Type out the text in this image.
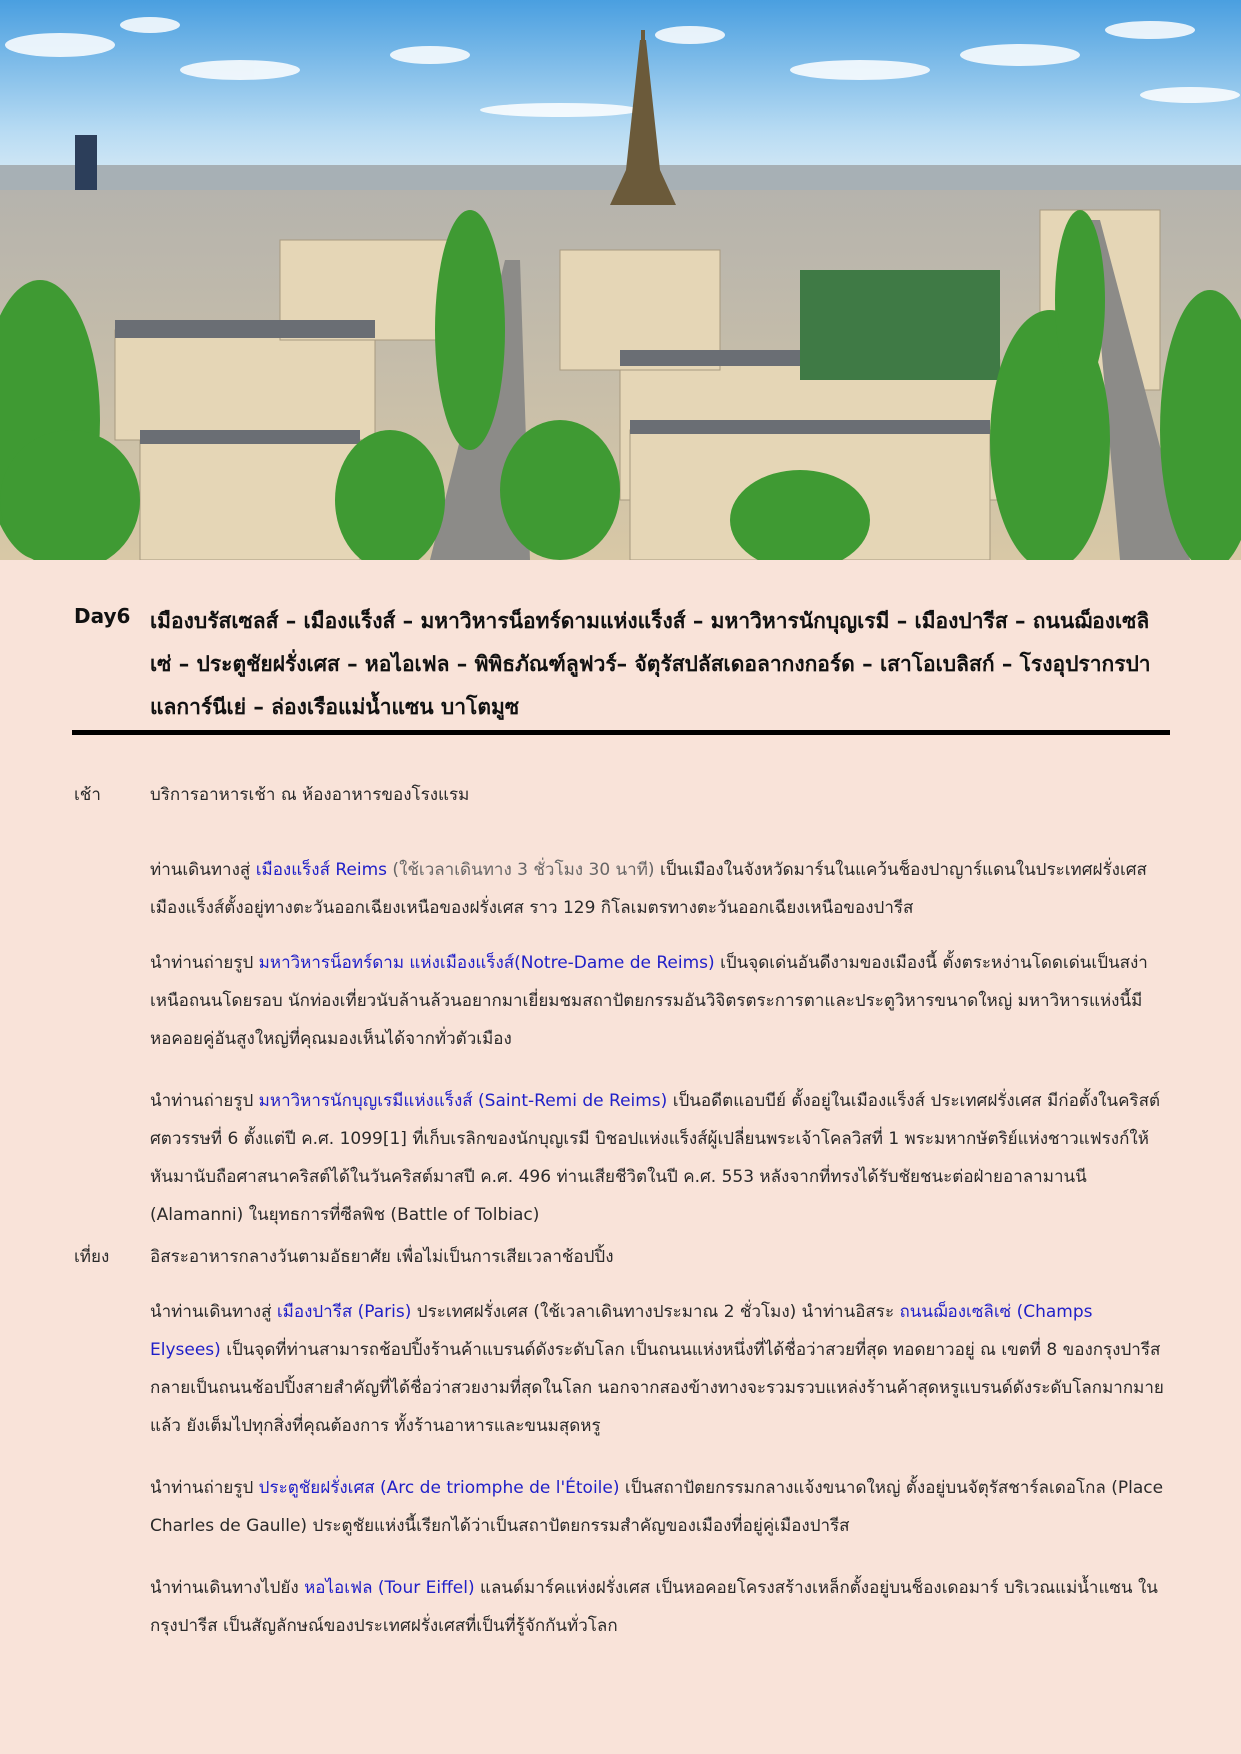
Day6 เมืองบรัสเซลส์ – เมืองแร็งส์ – มหาวิหารน็อทร์ดามแห่งแร็งส์ – มหาวิหารนักบุญเรมี – เมืองปารีส – ถนนฌ็องเซลิเซ่ – ประตูชัยฝรั่งเศส – หอไอเฟล – พิพิธภัณฑ์ลูฟวร์– จัตุรัสปลัสเดอลากงกอร์ด – เสาโอเบลิสก์ – โรงอุปรากรปาแลการ์นีเย่ – ล่องเรือแม่น้ำแซน บาโตมูซ
เช้า	บริการอาหารเช้า ณ ห้องอาหารของโรงแรม

ท่านเดินทางสู่ เมืองแร็งส์ Reims (ใช้เวลาเดินทาง 3 ชั่วโมง 30 นาที) เป็นเมืองในจังหวัดมาร์นในแคว้นช็องปาญาร์แดนในประเทศฝรั่งเศส เมืองแร็งส์ตั้งอยู่ทางตะวันออกเฉียงเหนือของฝรั่งเศส ราว 129 กิโลเมตรทางตะวันออกเฉียงเหนือของปารีส

นำท่านถ่ายรูป มหาวิหารน็อทร์ดาม แห่งเมืองแร็งส์(Notre-Dame de Reims) เป็นจุดเด่นอันดีงามของเมืองนี้ ตั้งตระหง่านโดดเด่นเป็นสง่าเหนือถนนโดยรอบ นักท่องเที่ยวนับล้านล้วนอยากมาเยี่ยมชมสถาปัตยกรรมอันวิจิตรตระการตาและประตูวิหารขนาดใหญ่ มหาวิหารแห่งนี้มีหอคอยคู่อันสูงใหญ่ที่คุณมองเห็นได้จากทั่วตัวเมือง

นำท่านถ่ายรูป มหาวิหารนักบุญเรมีแห่งแร็งส์ (Saint-Remi de Reims) เป็นอดีตแอบบีย์ ตั้งอยู่ในเมืองแร็งส์ ประเทศฝรั่งเศส มีก่อตั้งในคริสต์ศตวรรษที่ 6 ตั้งแต่ปี ค.ศ. 1099[1] ที่เก็บเรลิกของนักบุญเรมี บิชอปแห่งแร็งส์ผู้เปลี่ยนพระเจ้าโคลวิสที่ 1 พระมหากษัตริย์แห่งชาวแฟรงก์ให้หันมานับถือศาสนาคริสต์ได้ในวันคริสต์มาสปี ค.ศ. 496 ท่านเสียชีวิตในปี ค.ศ. 553 หลังจากที่ทรงได้รับชัยชนะต่อฝ่ายอาลามานนี (Alamanni) ในยุทธการที่ซีลพิช (Battle of Tolbiac)

เที่ยง อิสระอาหารกลางวันตามอัธยาศัย เพื่อไม่เป็นการเสียเวลาช้อปปิ้ง

นำท่านเดินทางสู่ เมืองปารีส (Paris) ประเทศฝรั่งเศส (ใช้เวลาเดินทางประมาณ 2 ชั่วโมง) นำท่านอิสระ ถนนฌ็องเซลิเซ่ (Champs Elysees) เป็นจุดที่ท่านสามารถช้อปปิ้งร้านค้าแบรนด์ดังระดับโลก เป็นถนนแห่งหนึ่งที่ได้ชื่อว่าสวยที่สุด ทอดยาวอยู่ ณ เขตที่ 8 ของกรุงปารีส กลายเป็นถนนช้อปปิ้งสายสำคัญที่ได้ชื่อว่าสวยงามที่สุดในโลก นอกจากสองข้างทางจะรวมรวบแหล่งร้านค้าสุดหรูแบรนด์ดังระดับโลกมากมายแล้ว ยังเต็มไปทุกสิ่งที่คุณต้องการ ทั้งร้านอาหารและขนมสุดหรู

นำท่านถ่ายรูป ประตูชัยฝรั่งเศส (Arc de triomphe de l'Étoile) เป็นสถาปัตยกรรมกลางแจ้งขนาดใหญ่ ตั้งอยู่บนจัตุรัสชาร์ลเดอโกล (Place Charles de Gaulle) ประตูชัยแห่งนี้เรียกได้ว่าเป็นสถาปัตยกรรมสำคัญของเมืองที่อยู่คู่เมืองปารีส

นำท่านเดินทางไปยัง หอไอเฟล (Tour Eiffel) แลนด์มาร์คแห่งฝรั่งเศส เป็นหอคอยโครงสร้างเหล็กตั้งอยู่บนช็องเดอมาร์ บริเวณแม่น้ำแซน ในกรุงปารีส เป็นสัญลักษณ์ของประเทศฝรั่งเศสที่เป็นที่รู้จักกันทั่วโลก
